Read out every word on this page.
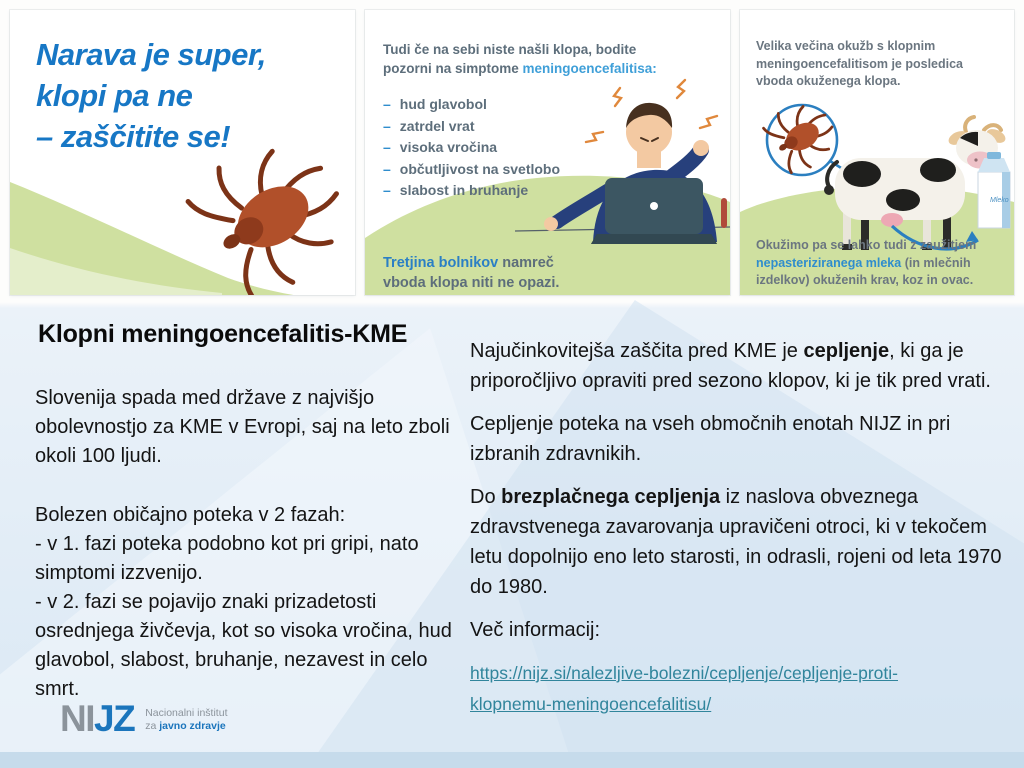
Narava je super,
klopi pa ne
– zaščitite se!
Tudi če na sebi niste našli klopa, bodite
pozorni na simptome meningoencefalitisa:
– hud glavobol
– zatrdel vrat
– visoka vročina
– občutljivost na svetlobo
– slabost in bruhanje
Tretjina bolnikov namreč
vboda klopa niti ne opazi.
Mleko
Velika večina okužb s klopnim
meningoencefalitisom je posledica
vboda okuženega klopa.
Okužimo pa se lahko tudi z zaužitjem nepasteriziranega mleka (in mlečnih izdelkov) okuženih krav, koz in ovac.
Klopni meningoencefalitis-KME

Slovenija spada med države z najvišjo obolevnostjo za KME v Evropi, saj na leto zboli okoli 100 ljudi.

Bolezen običajno poteka v 2 fazah:
- v 1. fazi poteka podobno kot pri gripi, nato simptomi izzvenijo.
- v 2. fazi se pojavijo znaki prizadetosti osrednjega živčevja, kot so visoka vročina, hud glavobol, slabost, bruhanje, nezavest in celo smrt.

Najučinkovitejša zaščita pred KME je cepljenje, ki ga je priporočljivo opraviti pred sezono klopov, ki je tik pred vrati.

Cepljenje poteka na vseh območnih enotah NIJZ in pri izbranih zdravnikih.

Do brezplačnega cepljenja iz naslova obveznega zdravstvenega zavarovanja upravičeni otroci, ki v tekočem letu dopolnijo eno leto starosti, in odrasli, rojeni od leta 1970 do 1980.

Več informacij:

https://nijz.si/nalezljive-bolezni/cepljenje/cepljenje-proti-
klopnemu-meningoencefalitisu/
NIJZ Nacionalni inštitut
za javno zdravje
